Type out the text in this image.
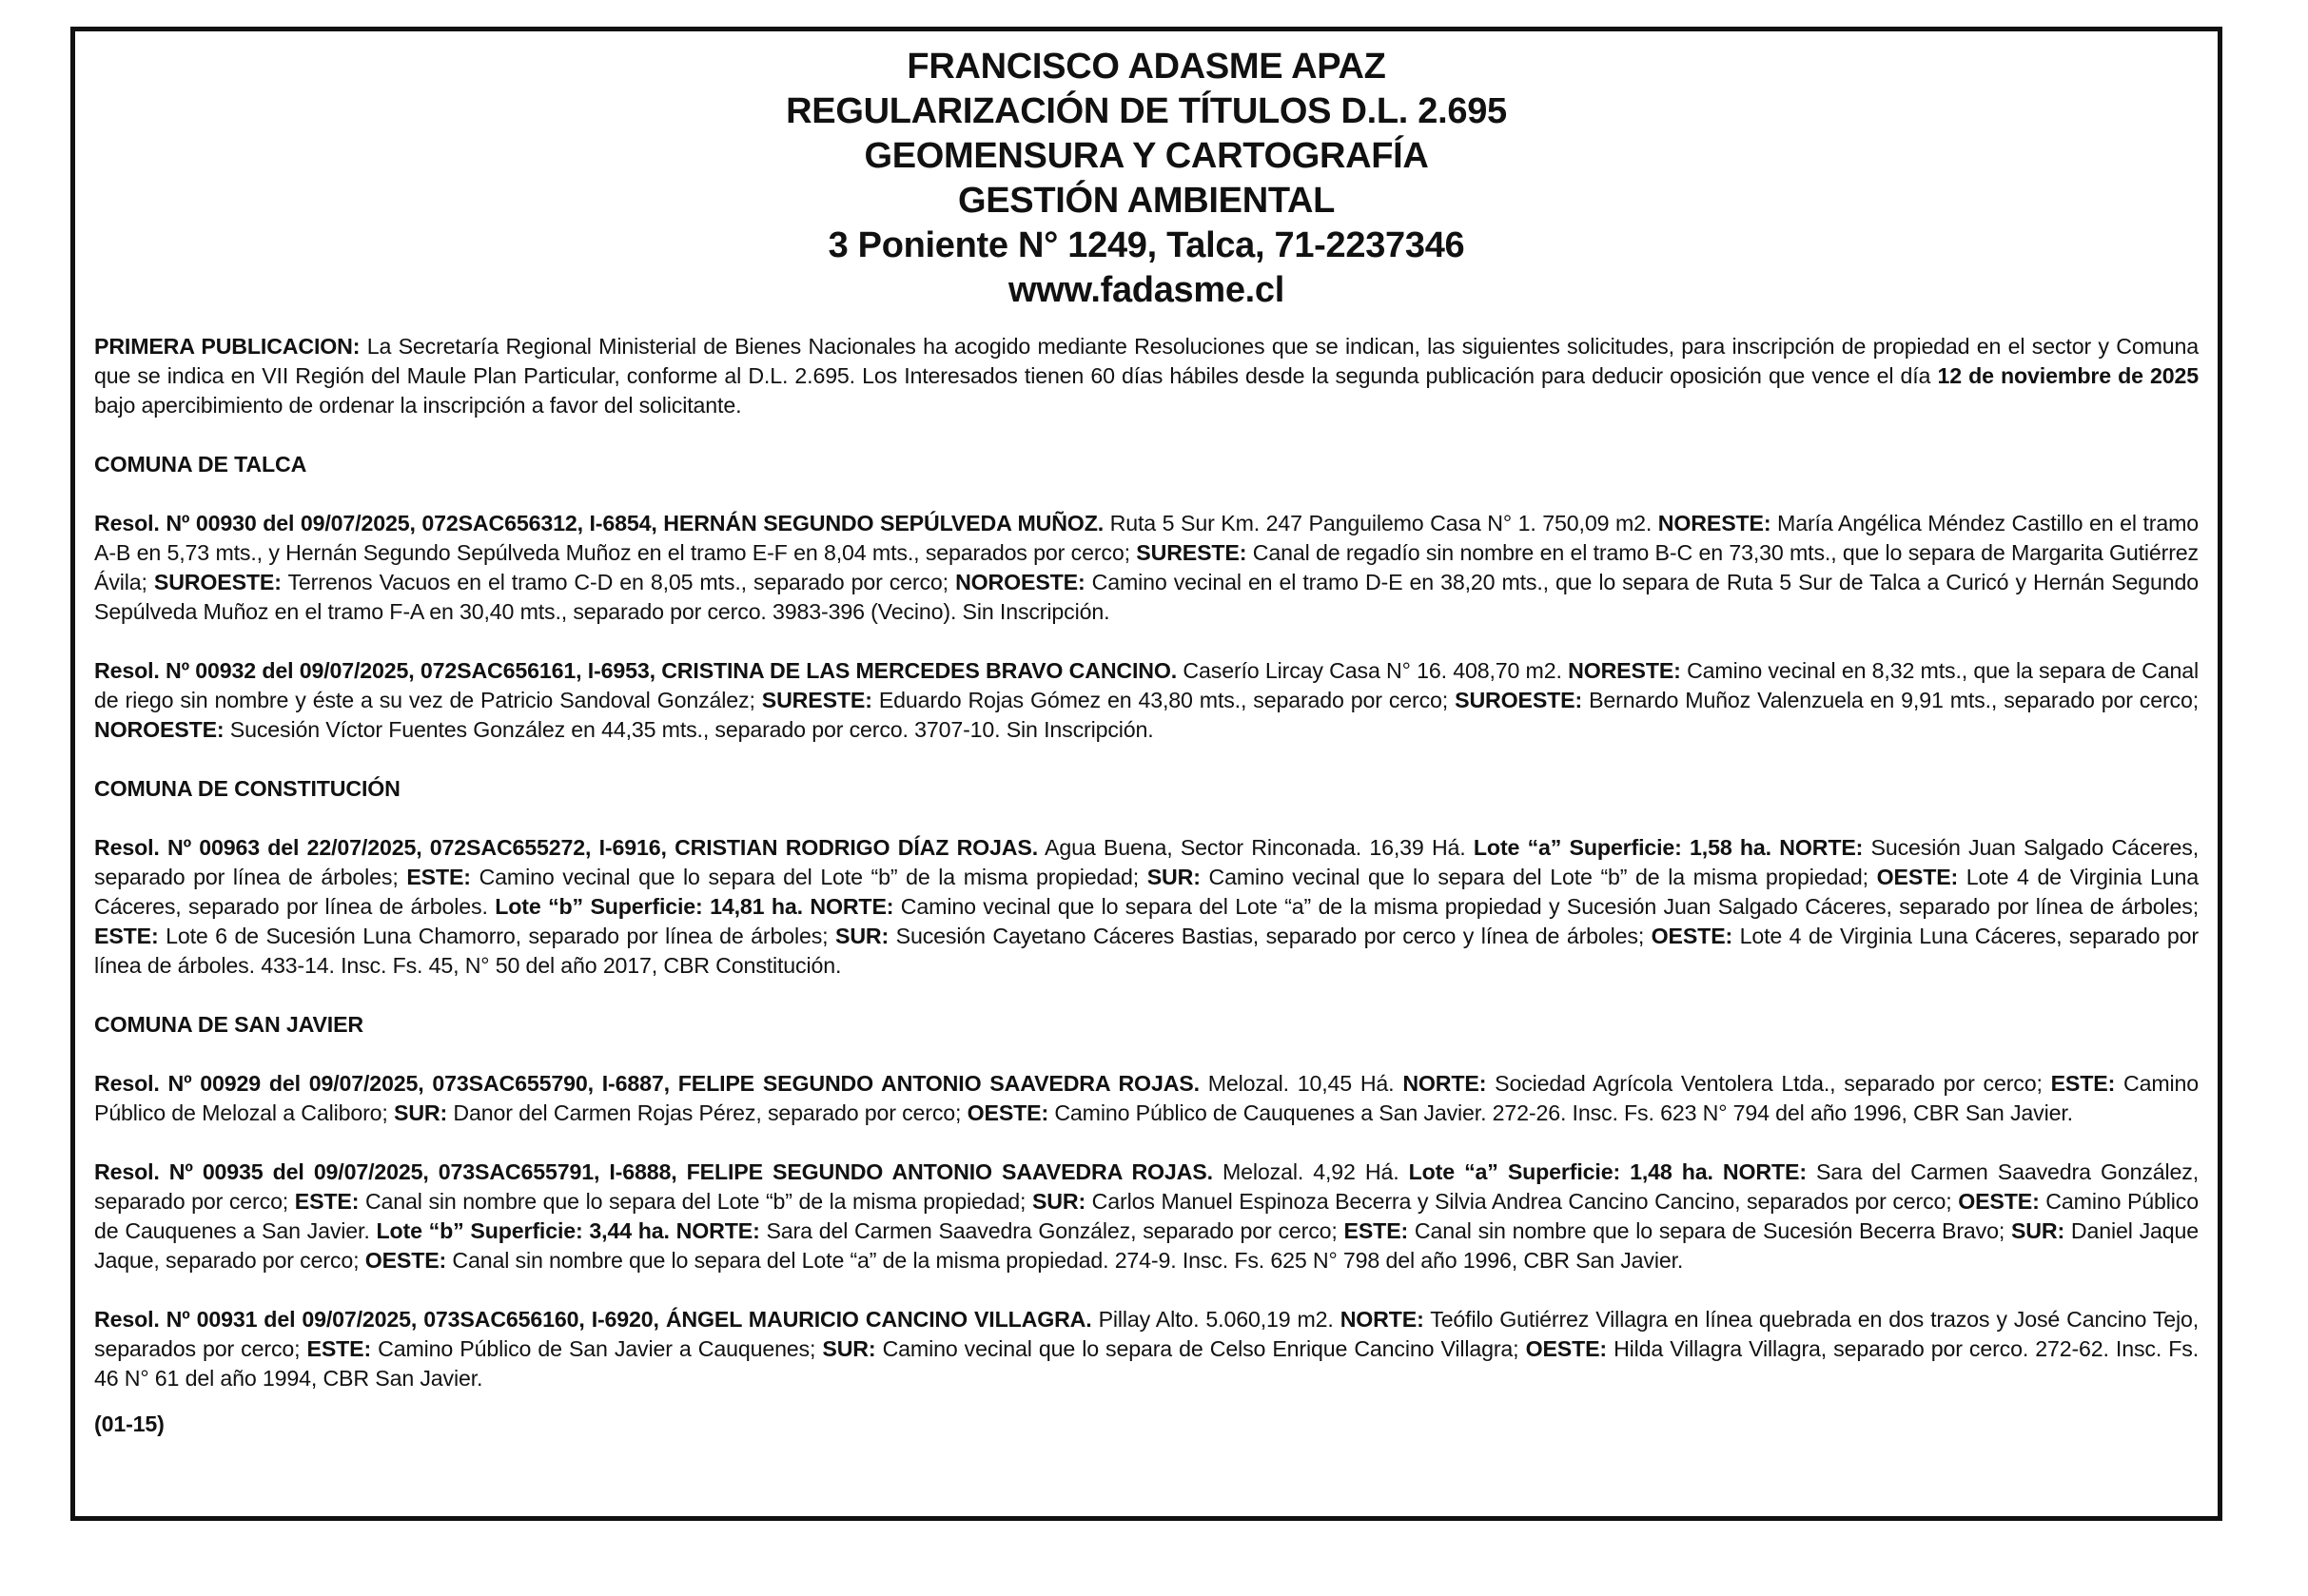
FRANCISCO ADASME APAZ
REGULARIZACIÓN DE TÍTULOS D.L. 2.695
GEOMENSURA Y CARTOGRAFÍA
GESTIÓN AMBIENTAL
3 Poniente N° 1249, Talca, 71-2237346
www.fadasme.cl

PRIMERA PUBLICACION: La Secretaría Regional Ministerial de Bienes Nacionales ha acogido mediante Resoluciones que se indican, las siguientes solicitudes, para inscripción de propiedad en el sector y Comuna que se indica en VII Región del Maule Plan Particular, conforme al D.L. 2.695. Los Interesados tienen 60 días hábiles desde la segunda publicación para deducir oposición que vence el día 12 de noviembre de 2025 bajo apercibimiento de ordenar la inscripción a favor del solicitante.

COMUNA DE TALCA

Resol. Nº 00930 del 09/07/2025, 072SAC656312, I-6854, HERNÁN SEGUNDO SEPÚLVEDA MUÑOZ. Ruta 5 Sur Km. 247 Panguilemo Casa N° 1. 750,09 m2. NORESTE: María Angélica Méndez Castillo en el tramo A-B en 5,73 mts., y Hernán Segundo Sepúlveda Muñoz en el tramo E-F en 8,04 mts., separados por cerco; SURESTE: Canal de regadío sin nombre en el tramo B-C en 73,30 mts., que lo separa de Margarita Gutiérrez Ávila; SUROESTE: Terrenos Vacuos en el tramo C-D en 8,05 mts., separado por cerco; NOROESTE: Camino vecinal en el tramo D-E en 38,20 mts., que lo separa de Ruta 5 Sur de Talca a Curicó y Hernán Segundo Sepúlveda Muñoz en el tramo F-A en 30,40 mts., separado por cerco. 3983-396 (Vecino). Sin Inscripción.

Resol. Nº 00932 del 09/07/2025, 072SAC656161, I-6953, CRISTINA DE LAS MERCEDES BRAVO CANCINO. Caserío Lircay Casa N° 16. 408,70 m2. NORESTE: Camino vecinal en 8,32 mts., que la separa de Canal de riego sin nombre y éste a su vez de Patricio Sandoval González; SURESTE: Eduardo Rojas Gómez en 43,80 mts., separado por cerco; SUROESTE: Bernardo Muñoz Valenzuela en 9,91 mts., separado por cerco; NOROESTE: Sucesión Víctor Fuentes González en 44,35 mts., separado por cerco. 3707-10. Sin Inscripción.

COMUNA DE CONSTITUCIÓN

Resol. Nº 00963 del 22/07/2025, 072SAC655272, I-6916, CRISTIAN RODRIGO DÍAZ ROJAS. Agua Buena, Sector Rinconada. 16,39 Há. Lote “a” Superficie: 1,58 ha. NORTE: Sucesión Juan Salgado Cáceres, separado por línea de árboles; ESTE: Camino vecinal que lo separa del Lote “b” de la misma propiedad; SUR: Camino vecinal que lo separa del Lote “b” de la misma propiedad; OESTE: Lote 4 de Virginia Luna Cáceres, separado por línea de árboles. Lote “b” Superficie: 14,81 ha. NORTE: Camino vecinal que lo separa del Lote “a” de la misma propiedad y Sucesión Juan Salgado Cáceres, separado por línea de árboles; ESTE: Lote 6 de Sucesión Luna Chamorro, separado por línea de árboles; SUR: Sucesión Cayetano Cáceres Bastias, separado por cerco y línea de árboles; OESTE: Lote 4 de Virginia Luna Cáceres, separado por línea de árboles. 433-14. Insc. Fs. 45, N° 50 del año 2017, CBR Constitución.

COMUNA DE SAN JAVIER

Resol. Nº 00929 del 09/07/2025, 073SAC655790, I-6887, FELIPE SEGUNDO ANTONIO SAAVEDRA ROJAS. Melozal. 10,45 Há. NORTE: Sociedad Agrícola Ventolera Ltda., separado por cerco; ESTE: Camino Público de Melozal a Caliboro; SUR: Danor del Carmen Rojas Pérez, separado por cerco; OESTE: Camino Público de Cauquenes a San Javier. 272-26. Insc. Fs. 623 N° 794 del año 1996, CBR San Javier.

Resol. Nº 00935 del 09/07/2025, 073SAC655791, I-6888, FELIPE SEGUNDO ANTONIO SAAVEDRA ROJAS. Melozal. 4,92 Há. Lote “a” Superficie: 1,48 ha. NORTE: Sara del Carmen Saavedra González, separado por cerco; ESTE: Canal sin nombre que lo separa del Lote “b” de la misma propiedad; SUR: Carlos Manuel Espinoza Becerra y Silvia Andrea Cancino Cancino, separados por cerco; OESTE: Camino Público de Cauquenes a San Javier. Lote “b” Superficie: 3,44 ha. NORTE: Sara del Carmen Saavedra González, separado por cerco; ESTE: Canal sin nombre que lo separa de Sucesión Becerra Bravo; SUR: Daniel Jaque Jaque, separado por cerco; OESTE: Canal sin nombre que lo separa del Lote “a” de la misma propiedad. 274-9. Insc. Fs. 625 N° 798 del año 1996, CBR San Javier.

Resol. Nº 00931 del 09/07/2025, 073SAC656160, I-6920, ÁNGEL MAURICIO CANCINO VILLAGRA. Pillay Alto. 5.060,19 m2. NORTE: Teófilo Gutiérrez Villagra en línea quebrada en dos trazos y José Cancino Tejo, separados por cerco; ESTE: Camino Público de San Javier a Cauquenes; SUR: Camino vecinal que lo separa de Celso Enrique Cancino Villagra; OESTE: Hilda Villagra Villagra, separado por cerco. 272-62. Insc. Fs. 46 N° 61 del año 1994, CBR San Javier.

(01-15)
